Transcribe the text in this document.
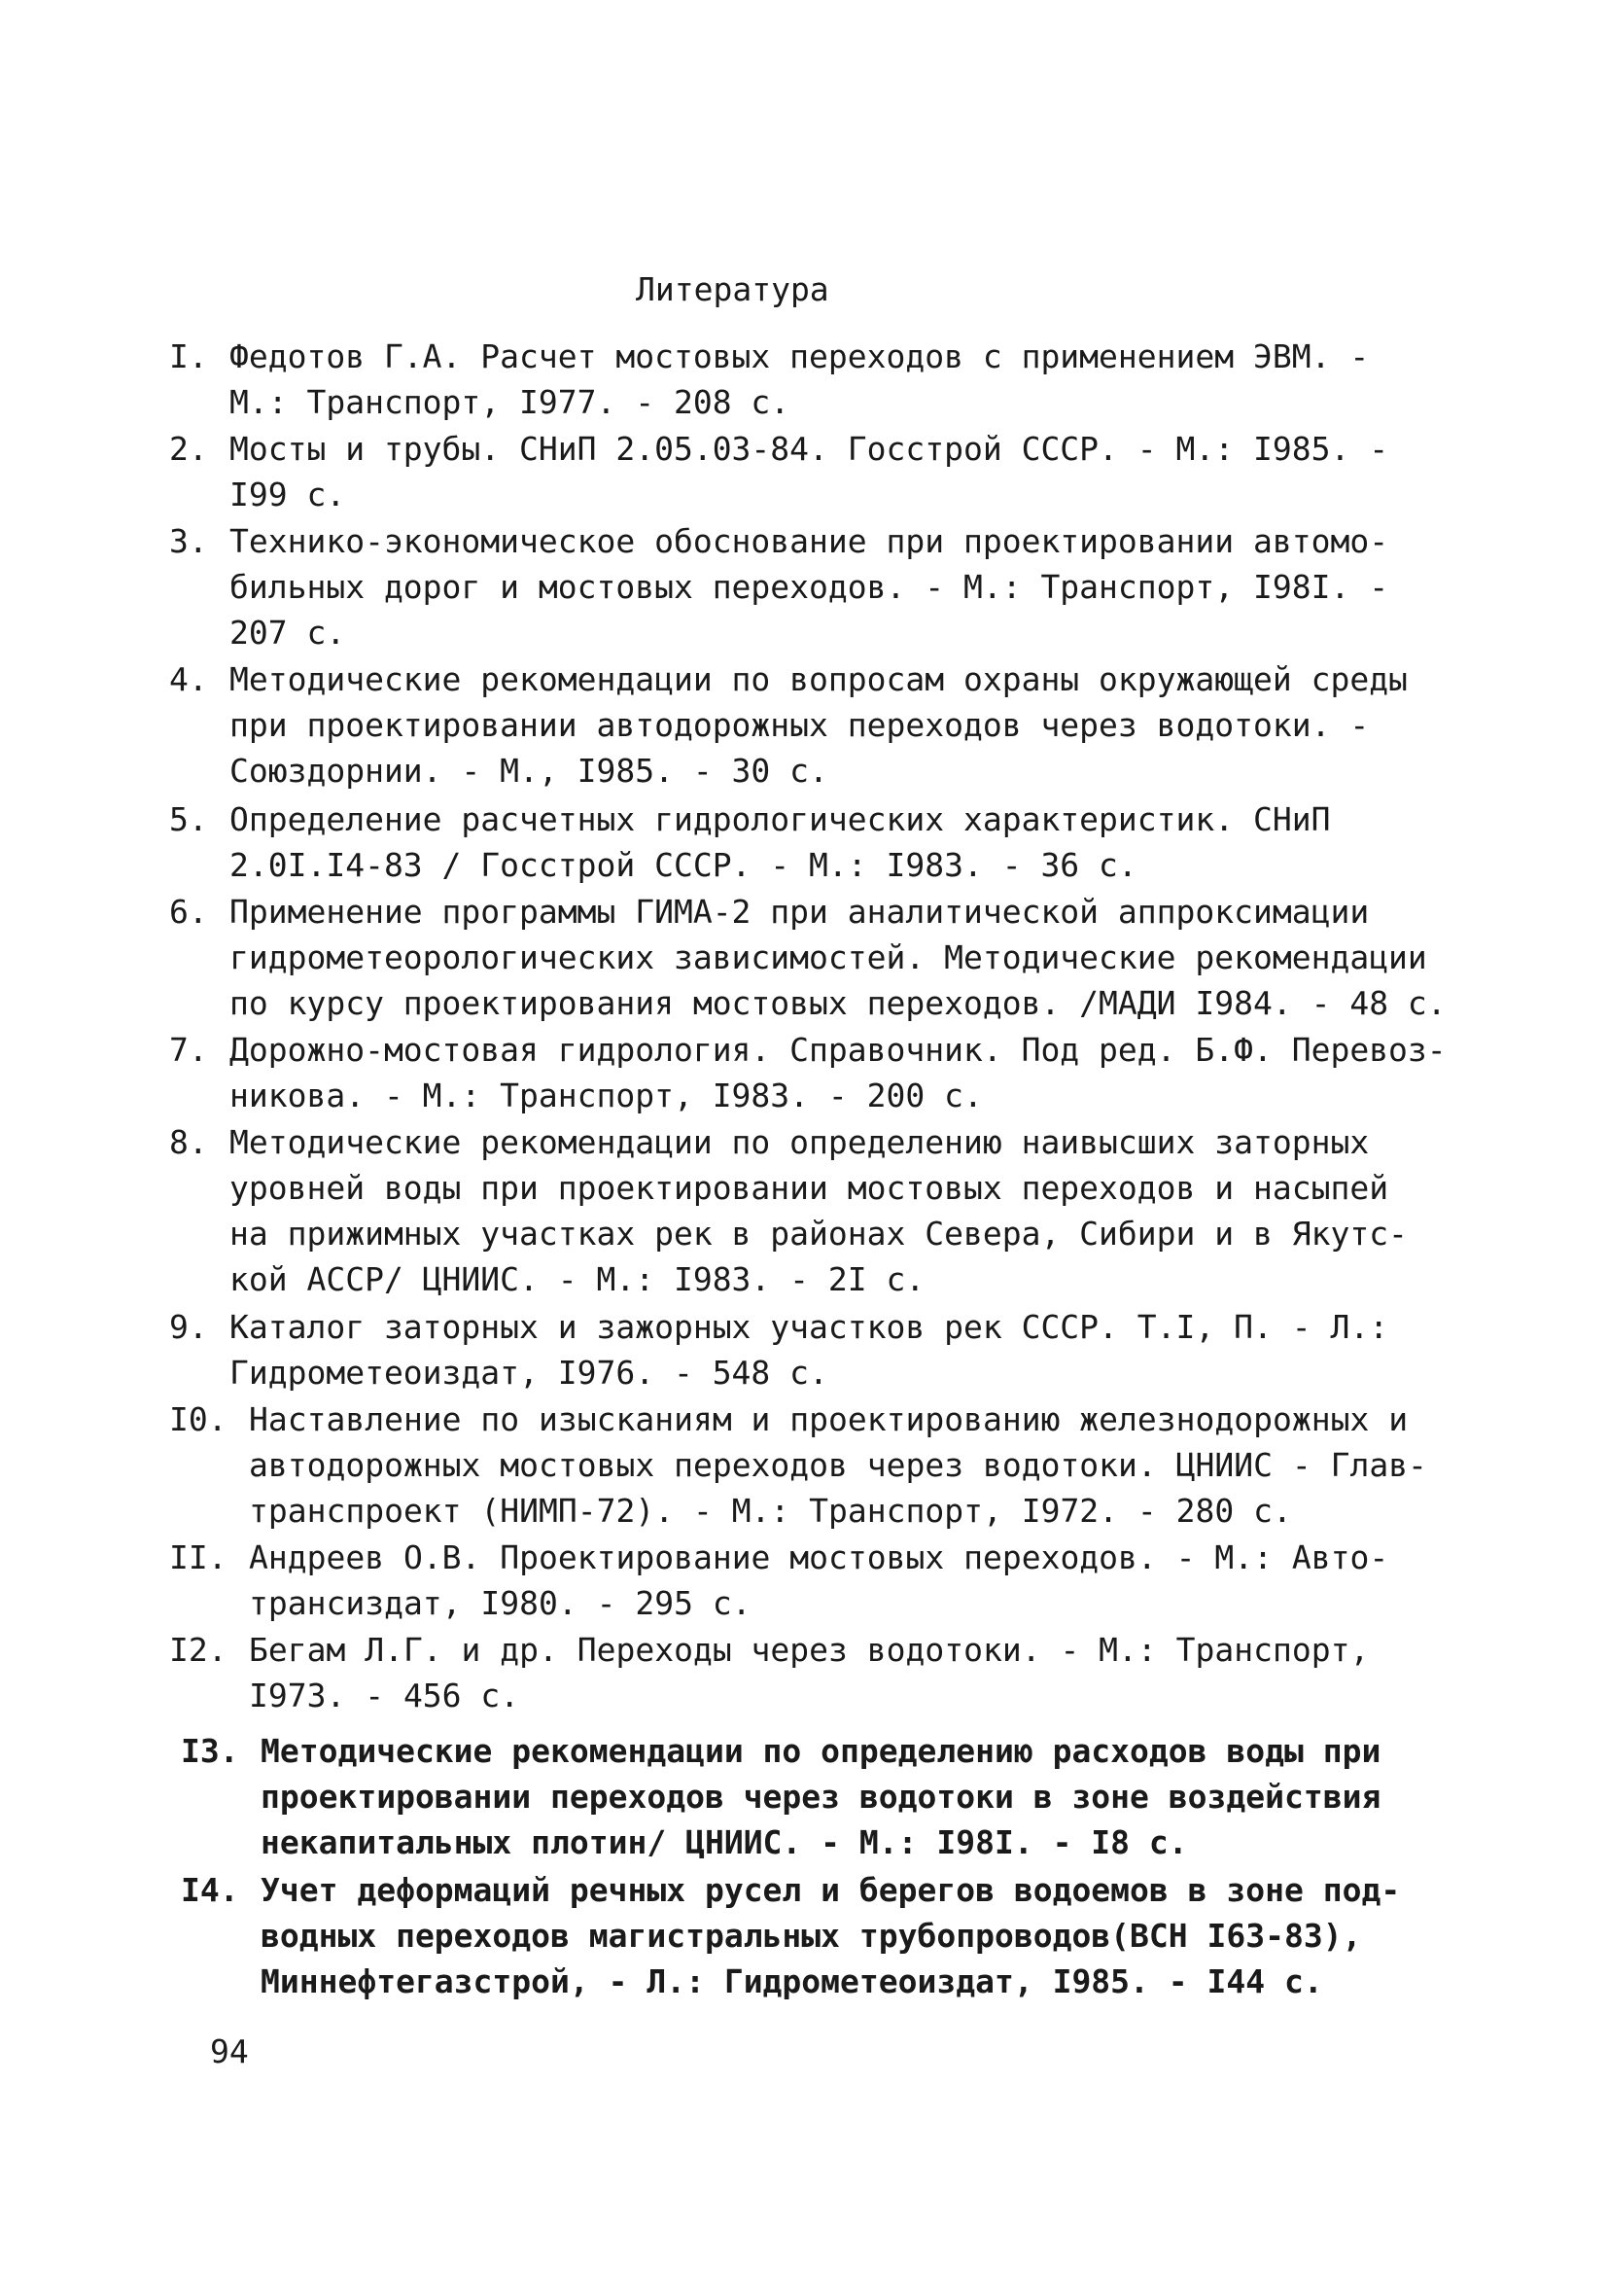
Литература
I. Федотов Г.А. Расчет мостовых переходов с применением ЭВМ. -
М.: Транспорт, I977. - 208 с.
2. Мосты и трубы. СНиП 2.05.03-84. Госстрой СССР. - М.: I985. -
I99 с.
3. Технико-экономическое обоснование при проектировании автомо-
бильных дорог и мостовых переходов. - М.: Транспорт, I98I. -
207 с.
4. Методические рекомендации по вопросам охраны окружающей среды
при проектировании автодорожных переходов через водотоки. -
Союздорнии. - М., I985. - 30 с.
5. Определение расчетных гидрологических характеристик. СНиП
2.0I.I4-83 / Госстрой СССР. - М.: I983. - 36 с.
6. Применение программы ГИМА-2 при аналитической аппроксимации
гидрометеорологических зависимостей. Методические рекомендации
по курсу проектирования мостовых переходов. /МАДИ I984. - 48 с.
7. Дорожно-мостовая гидрология. Справочник. Под ред. Б.Ф. Перевоз-
никова. - М.: Транспорт, I983. - 200 с.
8. Методические рекомендации по определению наивысших заторных
уровней воды при проектировании мостовых переходов и насыпей
на прижимных участках рек в районах Севера, Сибири и в Якутс-
кой АССР/ ЦНИИС. - М.: I983. - 2I с.
9. Каталог заторных и зажорных участков рек СССР. Т.I, П. - Л.:
Гидрометеоиздат, I976. - 548 с.
I0. Наставление по изысканиям и проектированию железнодорожных и
автодорожных мостовых переходов через водотоки. ЦНИИС - Глав-
транспроект (НИМП-72). - М.: Транспорт, I972. - 280 с.
II. Андреев О.В. Проектирование мостовых переходов. - М.: Авто-
трансиздат, I980. - 295 с.
I2. Бегам Л.Г. и др. Переходы через водотоки. - М.: Транспорт,
I973. - 456 с.
I3. Методические рекомендации по определению расходов воды при
проектировании переходов через водотоки в зоне воздействия
некапитальных плотин/ ЦНИИС. - М.: I98I. - I8 с.
I4. Учет деформаций речных русел и берегов водоемов в зоне под-
водных переходов магистральных трубопроводов(ВСН I63-83),
Миннефтегазстрой, - Л.: Гидрометеоиздат, I985. - I44 с.
94
